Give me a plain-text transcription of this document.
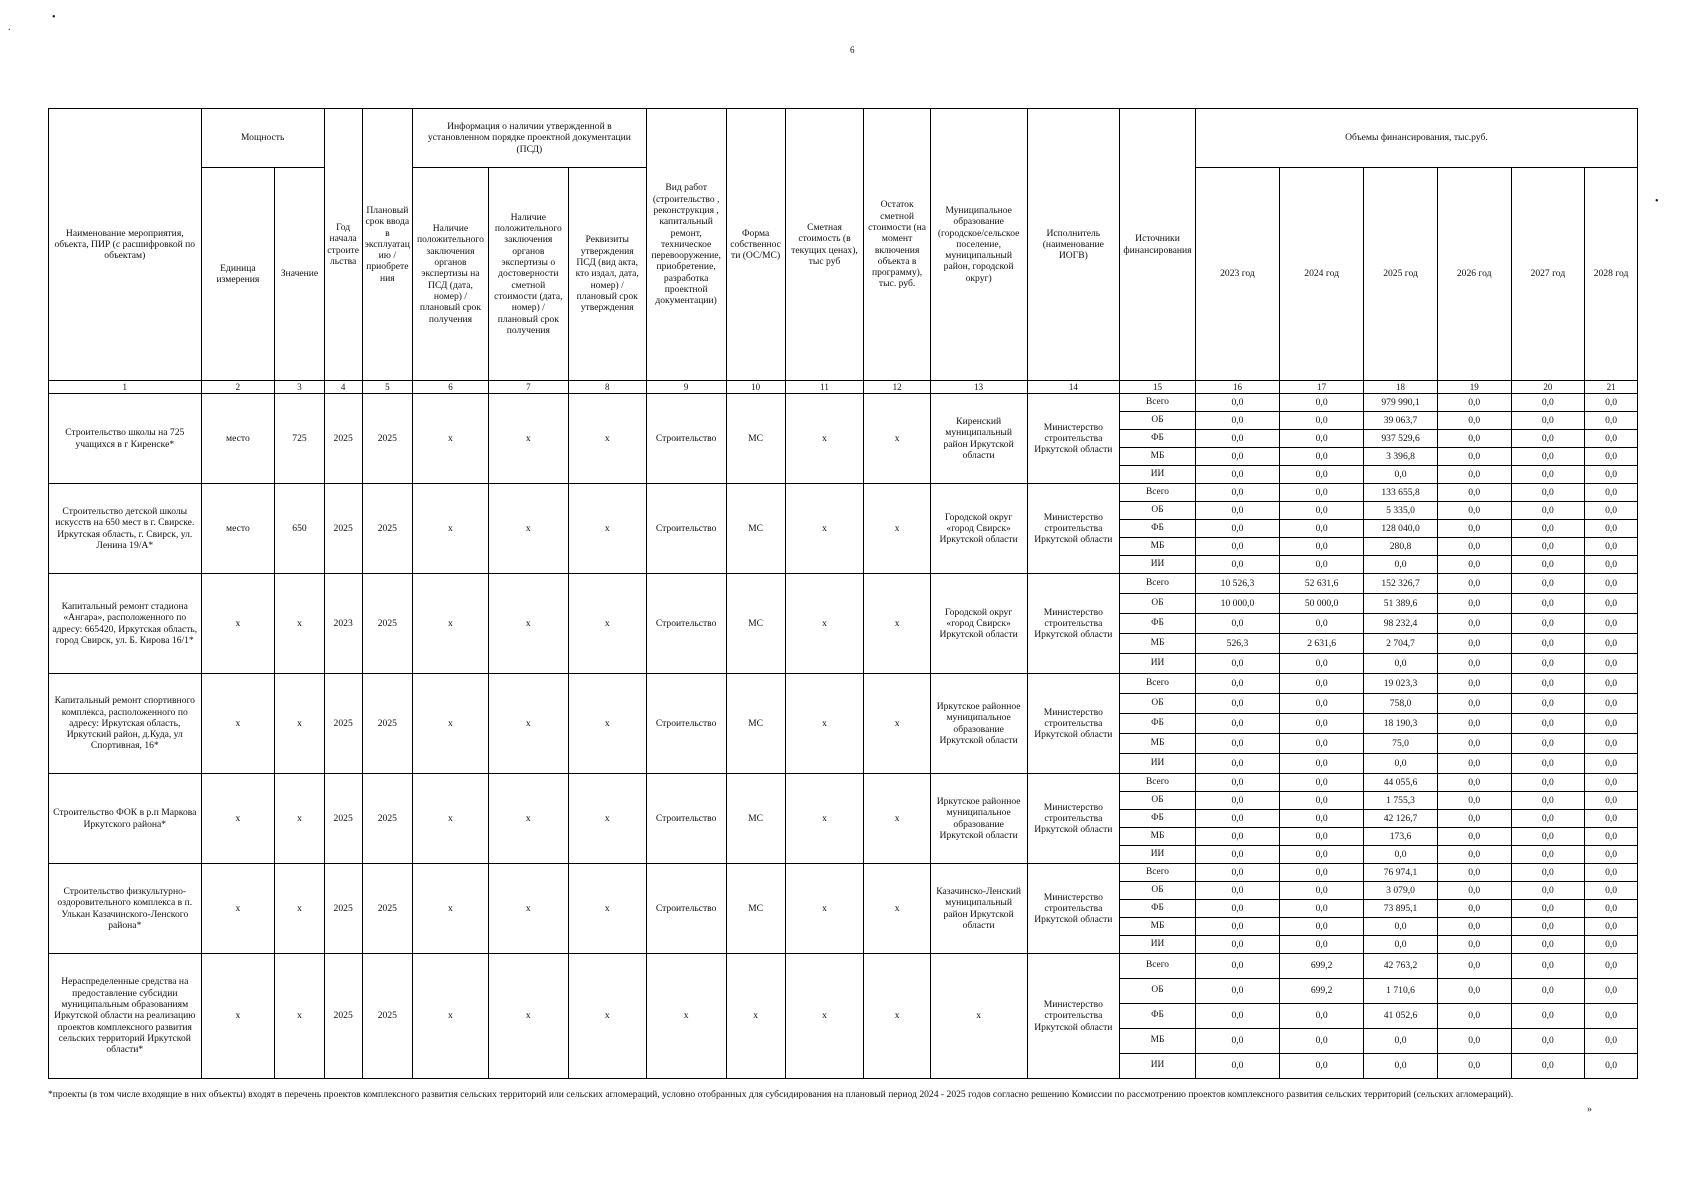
•
.
•
»
6
Наименование мероприятия, объекта, ПИР (с расшифровкой по объектам)	Мощность		Год начала строительства	Плановый срок ввода в эксплуатацию / приобретения	Информация о наличии утвержденной в установленном порядке проектной документации (ПСД)			Вид работ (строительство , реконструкция , капитальный ремонт, техническое перевооружение, приобретение, разработка проектной документации)	Форма собственности (ОС/МС)	Сметная стоимость (в текущих ценах), тыс руб	Остаток сметной стоимости (на момент включения объекта в программу), тыс. руб.	Муниципальное образование (городское/сельское поселение, муниципальный район, городской округ)	Исполнитель (наименование ИОГВ)	Источники финансирования	Объемы финансирования, тыс.руб.					
	Единица измерения	Значение			Наличие положительного заключения органов экспертизы на ПСД (дата, номер) / плановый срок получения	Наличие положительного заключения органов экспертизы о достоверности сметной стоимости (дата, номер) / плановый срок получения	Реквизиты утверждения ПСД (вид акта, кто издал, дата, номер) / плановый срок утверждения								2023 год	2024 год	2025 год	2026 год	2027 год	2028 год
1	2	3	4	5	6	7	8	9	10	11	12	13	14	15	16	17	18	19	20	21
Строительство школы на 725 учащихся в г Киренске*	место	725	2025	2025	x	x	x	Строительство	МС	x	x	Киренский муниципальный район Иркутской области	Министерство строительства Иркутской области	Всего	0,0	0,0	979 990,1	0,0	0,0	0,0
														ОБ	0,0	0,0	39 063,7	0,0	0,0	0,0
														ФБ	0,0	0,0	937 529,6	0,0	0,0	0,0
														МБ	0,0	0,0	3 396,8	0,0	0,0	0,0
														ИИ	0,0	0,0	0,0	0,0	0,0	0,0
Строительство детской школы искусств на 650 мест в г. Свирске. Иркутская область, г. Свирск, ул. Ленина 19/А*	место	650	2025	2025	x	x	x	Строительство	МС	x	x	Городской округ «город Свирск» Иркутской области	Министерство строительства Иркутской области	Всего	0,0	0,0	133 655,8	0,0	0,0	0,0
														ОБ	0,0	0,0	5 335,0	0,0	0,0	0,0
														ФБ	0,0	0,0	128 040,0	0,0	0,0	0,0
														МБ	0,0	0,0	280,8	0,0	0,0	0,0
														ИИ	0,0	0,0	0,0	0,0	0,0	0,0
Капитальный ремонт стадиона «Ангара», расположенного по адресу: 665420, Иркутская область, город Свирск, ул. Б. Кирова 16/1*	x	x	2023	2025	x	x	x	Строительство	МС	x	x	Городской округ «город Свирск» Иркутской области	Министерство строительства Иркутской области	Всего	10 526,3	52 631,6	152 326,7	0,0	0,0	0,0
														ОБ	10 000,0	50 000,0	51 389,6	0,0	0,0	0,0
														ФБ	0,0	0,0	98 232,4	0,0	0,0	0,0
														МБ	526,3	2 631,6	2 704,7	0,0	0,0	0,0
														ИИ	0,0	0,0	0,0	0,0	0,0	0,0
Капитальный ремонт спортивного комплекса, расположенного по адресу: Иркутская область, Иркутский район, д.Куда, ул Спортивная, 16*	x	x	2025	2025	x	x	x	Строительство	МС	x	x	Иркутское районное муниципальное образование Иркутской области	Министерство строительства Иркутской области	Всего	0,0	0,0	19 023,3	0,0	0,0	0,0
														ОБ	0,0	0,0	758,0	0,0	0,0	0,0
														ФБ	0,0	0,0	18 190,3	0,0	0,0	0,0
														МБ	0,0	0,0	75,0	0,0	0,0	0,0
														ИИ	0,0	0,0	0,0	0,0	0,0	0,0
Строительство ФОК в р.п Маркова Иркутского района*	x	x	2025	2025	x	x	x	Строительство	МС	x	x	Иркутское районное муниципальное образование Иркутской области	Министерство строительства Иркутской области	Всего	0,0	0,0	44 055,6	0,0	0,0	0,0
														ОБ	0,0	0,0	1 755,3	0,0	0,0	0,0
														ФБ	0,0	0,0	42 126,7	0,0	0,0	0,0
														МБ	0,0	0,0	173,6	0,0	0,0	0,0
														ИИ	0,0	0,0	0,0	0,0	0,0	0,0
Строительство физкультурно-оздоровительного комплекса в п. Улькан Казачинского-Ленского района*	x	x	2025	2025	x	x	x	Строительство	МС	x	x	Казачинско-Ленский муниципальный район Иркутской области	Министерство строительства Иркутской области	Всего	0,0	0,0	76 974,1	0,0	0,0	0,0
														ОБ	0,0	0,0	3 079,0	0,0	0,0	0,0
														ФБ	0,0	0,0	73 895,1	0,0	0,0	0,0
														МБ	0,0	0,0	0,0	0,0	0,0	0,0
														ИИ	0,0	0,0	0,0	0,0	0,0	0,0
Нераспределенные средства на предоставление субсидии муниципальным образованиям Иркутской области на реализацию проектов комплексного развития сельских территорий Иркутской области*	x	x	2025	2025	x	x	x	x	x	x	x	x	Министерство строительства Иркутской области	Всего	0,0	699,2	42 763,2	0,0	0,0	0,0
														ОБ	0,0	699,2	1 710,6	0,0	0,0	0,0
														ФБ	0,0	0,0	41 052,6	0,0	0,0	0,0
														МБ	0,0	0,0	0,0	0,0	0,0	0,0
														ИИ	0,0	0,0	0,0	0,0	0,0	0,0
*проекты (в том числе входящие в них объекты) входят в перечень проектов комплексного развития сельских территорий или сельских агломераций, условно отобранных для субсидирования на плановый период 2024 - 2025 годов согласно решению Комиссии по рассмотрению проектов комплексного развития сельских территорий (сельских агломераций).
